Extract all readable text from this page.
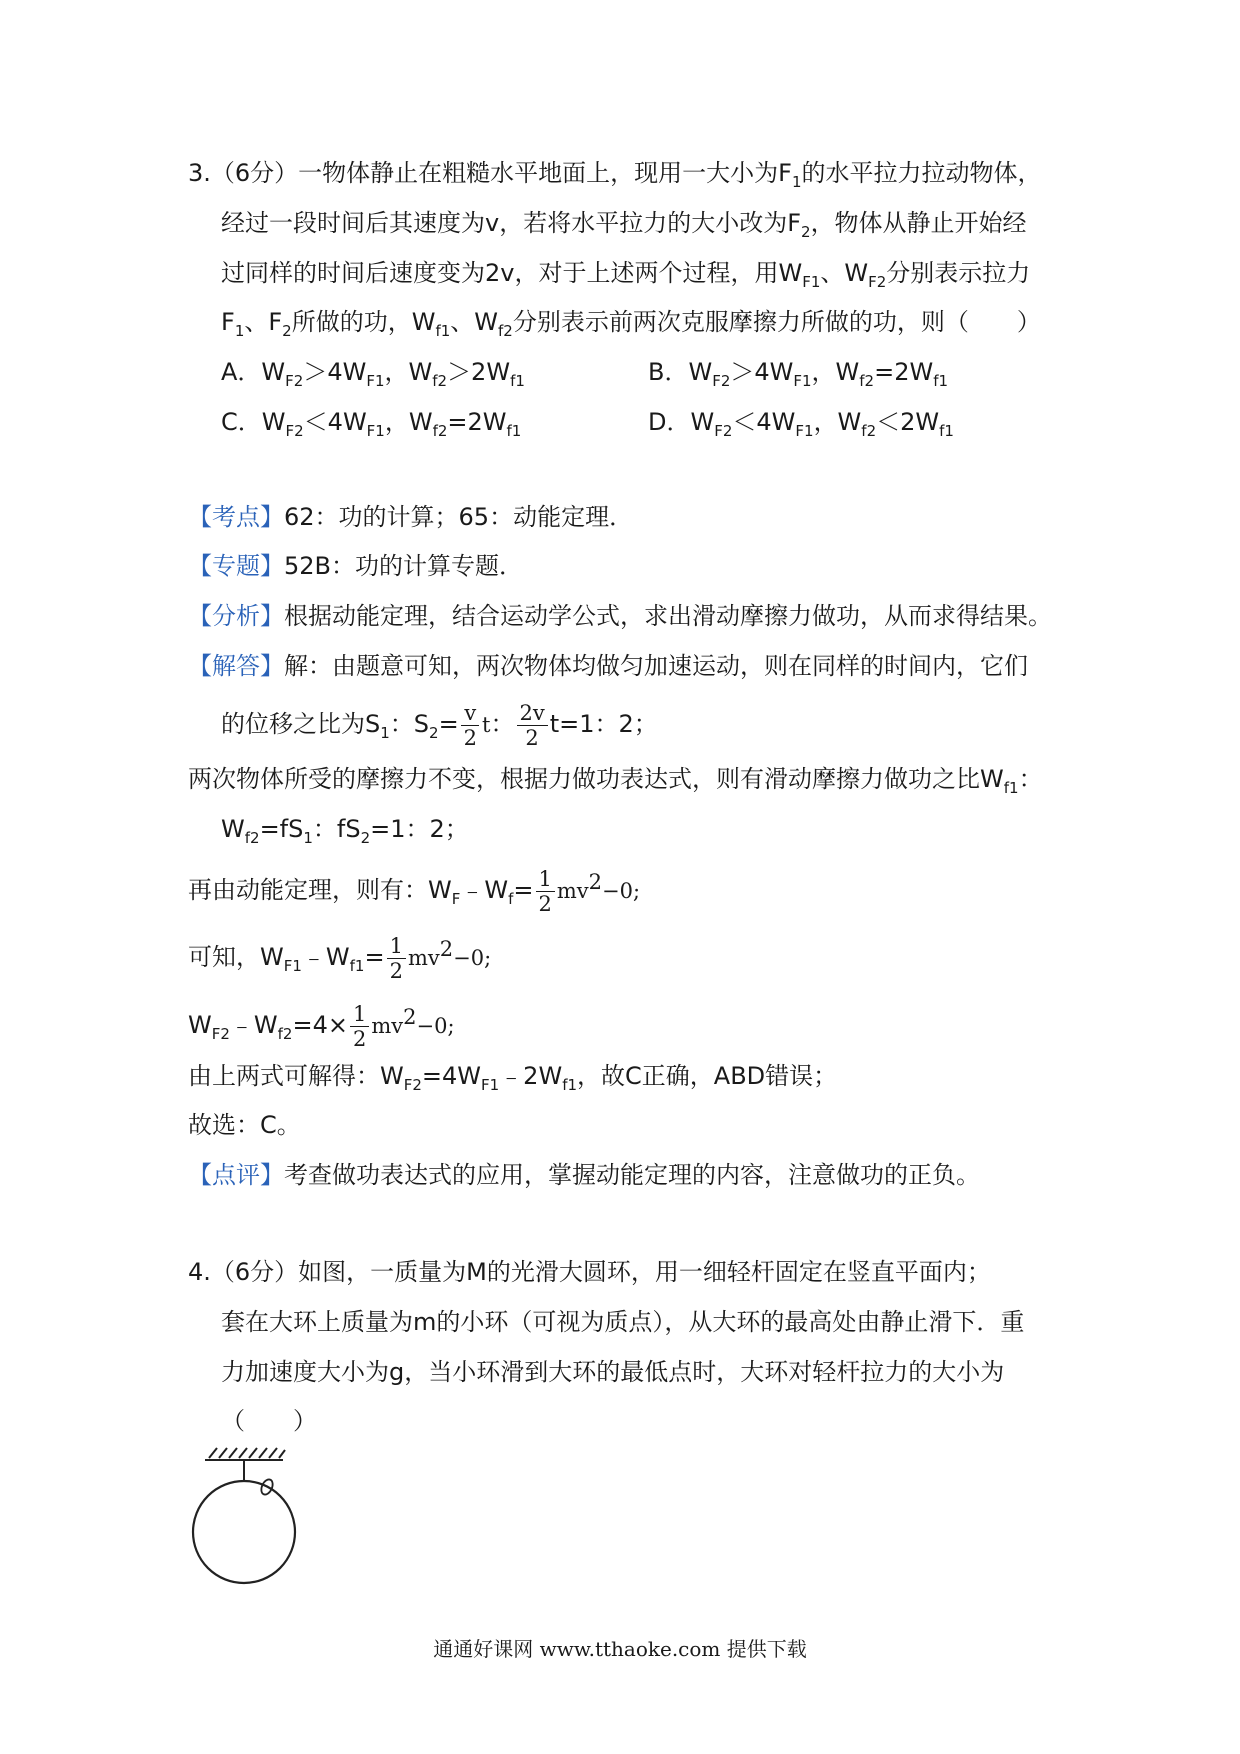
3.（6分）一物体静止在粗糙水平地面上，现用一大小为$F_1$的水平拉力拉动物体，
经过一段时间后其速度为v，若将水平拉力的大小改为$F_2$，物体从静止开始经
过同样的时间后速度变为2v，对于上述两个过程，用$W_{F1}$、$W_{F2}$分别表示拉力
$F_1$、$F_2$所做的功，$W_{f1}$、$W_{f2}$分别表示前两次克服摩擦力所做的功，则（　　）
A．$W_{F2}>4W_{F1}$，$W_{f2}>2W_{f1}$	B．$W_{F2}>4W_{F1}$，$W_{f2}=2W_{f1}$
C．$W_{F2}<4W_{F1}$，$W_{f2}=2W_{f1}$	D．$W_{F2}<4W_{F1}$，$W_{f2}<2W_{f1}$
【考点】62：功的计算；65：动能定理．
【专题】52B：功的计算专题．
【分析】根据动能定理，结合运动学公式，求出滑动摩擦力做功，从而求得结果。
【解答】解：由题意可知，两次物体均做匀加速运动，则在同样的时间内，它们
的位移之比为$S_1$：$S_2= \frac{v}{2}$ t： $\frac{2v}{2} t=1$：2；
两次物体所受的摩擦力不变，根据力做功表达式，则有滑动摩擦力做功之比$W_{f1}$：
$W_{f2}=fS_1$：$fS_2=1$：2；
再由动能定理，则有：$W_F﹣W_f= \frac{1}{2} mv^2-0$;
可知，$W_{F1}﹣W_{f1}= \frac{1}{2} mv^2-0$;
$W_{F2}﹣W_{f2}=4\times \frac{1}{2} mv^2-0$;
由上两式可解得：$W_{F2}=4W_{F1}﹣2W_{f1}$，故C正确，ABD错误；
故选：C。
【点评】考查做功表达式的应用，掌握动能定理的内容，注意做功的正负。
4.（6分）如图，一质量为M的光滑大圆环，用一细轻杆固定在竖直平面内；
套在大环上质量为m的小环（可视为质点），从大环的最高处由静止滑下．重
力加速度大小为g，当小环滑到大环的最低点时，大环对轻杆拉力的大小为
（　　）
通通好课网 www.tthaoke.com 提供下载
